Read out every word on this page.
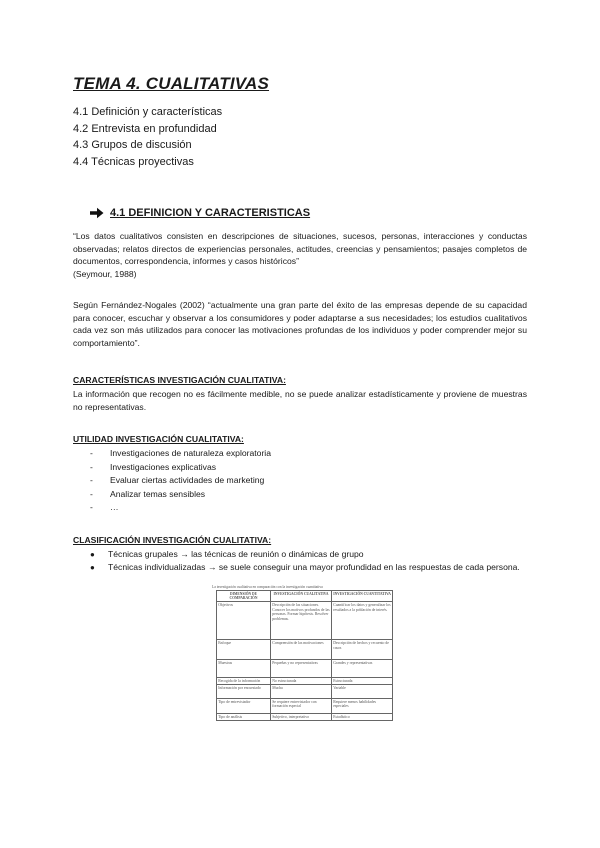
TEMA 4. CUALITATIVAS
4.1 Definición y características
4.2 Entrevista en profundidad
4.3 Grupos de discusión
4.4 Técnicas proyectivas
4.1 DEFINICION Y CARACTERISTICAS

“Los datos cualitativos consisten en descripciones de situaciones, sucesos, personas, interacciones y conductas observadas; relatos directos de experiencias personales, actitudes, creencias y pensamientos; pasajes completos de documentos, correspondencia, informes y casos históricos”

(Seymour, 1988)

Según Fernández-Nogales (2002) “actualmente una gran parte del éxito de las empresas depende de su capacidad para conocer, escuchar y observar a los consumidores y poder adaptarse a sus necesidades; los estudios cualitativos cada vez son más utilizados para conocer las motivaciones profundas de los individuos y poder comprender mejor su comportamiento”.

CARACTERÍSTICAS INVESTIGACIÓN CUALITATIVA:

La información que recogen no es fácilmente medible, no se puede analizar estadísticamente y proviene de muestras no representativas.

UTILIDAD INVESTIGACIÓN CUALITATIVA:
-	Investigaciones de naturaleza exploratoria
-	Investigaciones explicativas
-	Evaluar ciertas actividades de marketing
-	Analizar temas sensibles
-	…
CLASIFICACIÓN INVESTIGACIÓN CUALITATIVA:
●	Técnicas grupales → las técnicas de reunión o dinámicas de grupo
●	Técnicas individualizadas → se suele conseguir una mayor profundidad en las respuestas de cada persona.
La investigación cualitativa en comparación con la investigación cuantitativa
DIMENSIÓN DE COMPARACIÓN	INVESTIGACIÓN CUALITATIVA	INVESTIGACIÓN CUANTITATIVA
Objetivos	Descripción de las situaciones. Conocer los motivos profundos de las personas. Formar hipótesis. Resolver problemas.	Cuantificar los datos y generalizar los resultados a la población de interés.
Enfoque	Comprensión de las motivaciones	Descripción de hechos y recuento de casos
Muestras	Pequeñas y no representativas	Grandes y representativas
Recogida de la información	No estructurada	Estructurada
Información por encuestado	Mucha	Variable
Tipo de entrevistador	Se requiere entrevistador con formación especial	Requiere menos habilidades especiales
Tipo de análisis	Subjetivo, interpretativo	Estadístico
